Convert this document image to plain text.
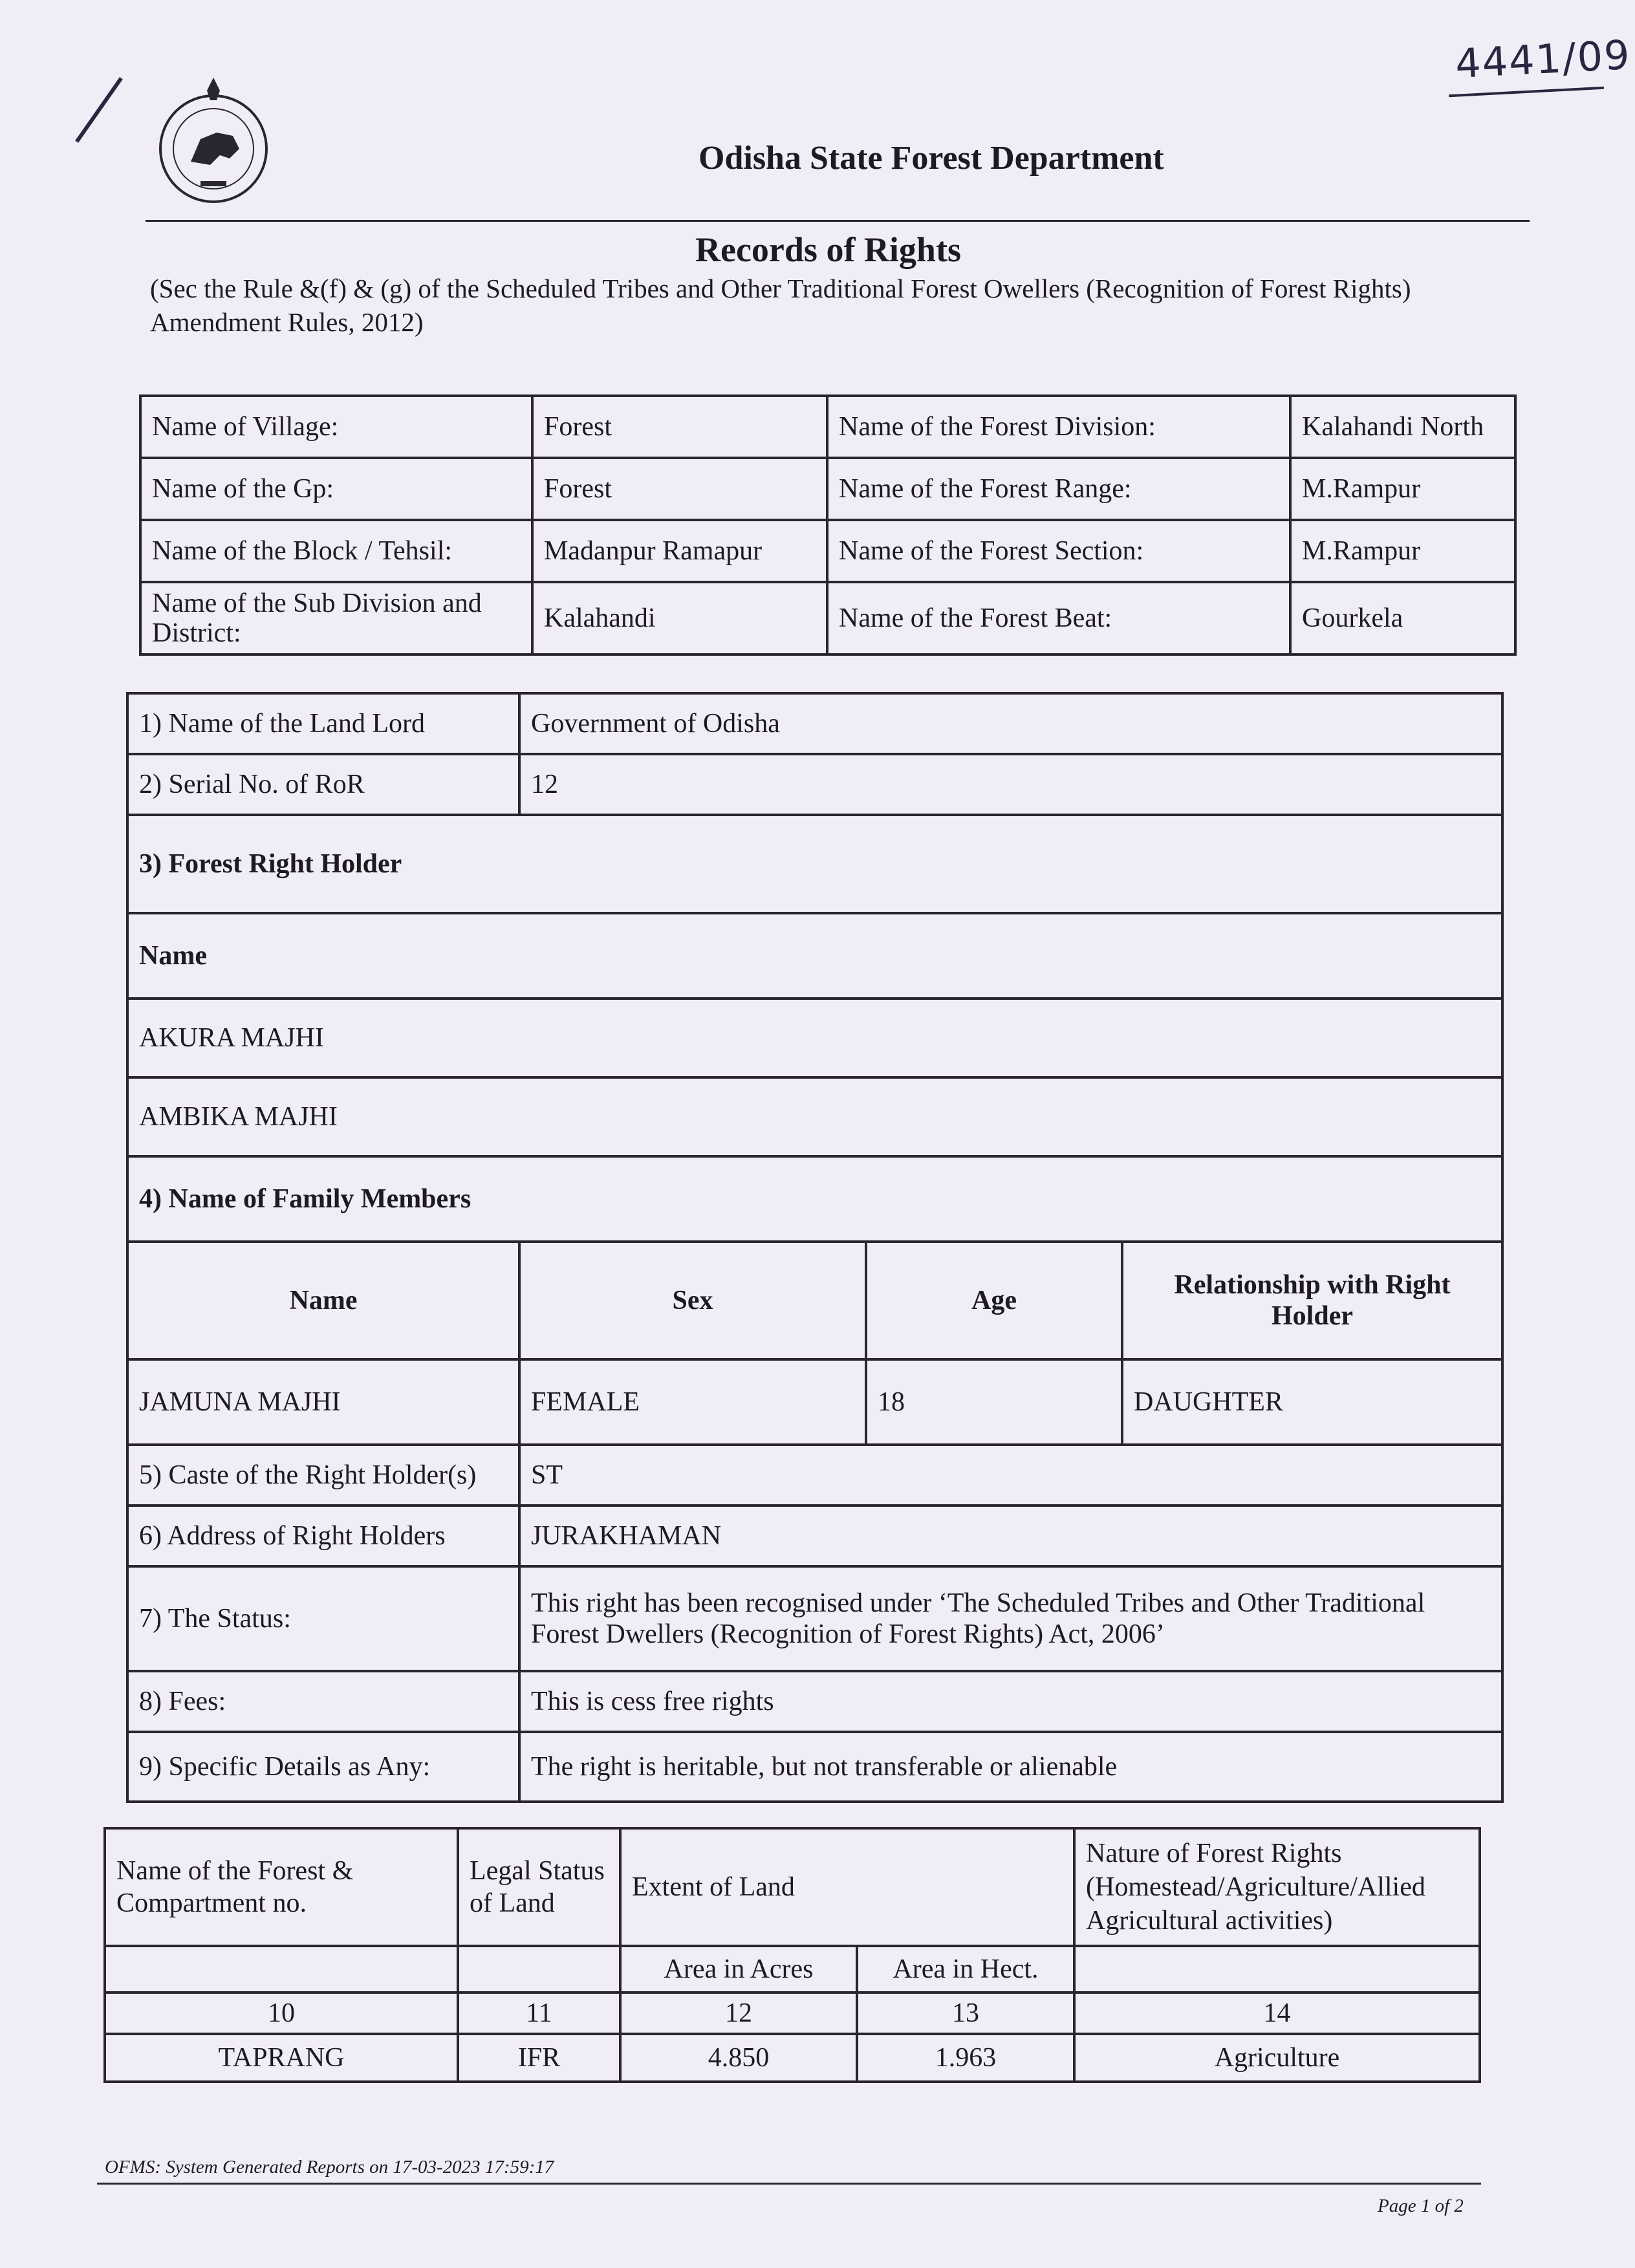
4441/09
Odisha State Forest Department
Records of Rights
(Sec the Rule &(f) & (g) of the Scheduled Tribes and Other Traditional Forest Owellers (Recognition of Forest Rights) Amendment Rules, 2012)
Name of Village:	Forest	Name of the Forest Division:	Kalahandi North
Name of the Gp:	Forest	Name of the Forest Range:	M.Rampur
Name of the Block / Tehsil:	Madanpur Ramapur	Name of the Forest Section:	M.Rampur
Name of the Sub Division and District:	Kalahandi	Name of the Forest Beat:	Gourkela
1) Name of the Land Lord	Government of Odisha		
2) Serial No. of RoR	12		
3) Forest Right Holder			
Name			
AKURA MAJHI			
AMBIKA MAJHI			
4) Name of Family Members			
Name	Sex	Age	Relationship with Right Holder
JAMUNA MAJHI	FEMALE	18	DAUGHTER
5) Caste of the Right Holder(s)	ST		
6) Address of Right Holders	JURAKHAMAN		
7) The Status:	This right has been recognised under ‘The Scheduled Tribes and Other Traditional
Forest Dwellers (Recognition of Forest Rights) Act, 2006’		

8) Fees:	This is cess free rights		
9) Specific Details as Any:	The right is heritable, but not transferable or alienable		
Name of the Forest & Compartment no.	Legal Status of Land	Extent of Land		Nature of Forest Rights (Homestead/Agriculture/Allied Agricultural activities)
		Area in Acres	Area in Hect.	
10	11	12	13	14
TAPRANG	IFR	4.850	1.963	Agriculture
OFMS: System Generated Reports on 17-03-2023 17:59:17
Page 1 of 2
